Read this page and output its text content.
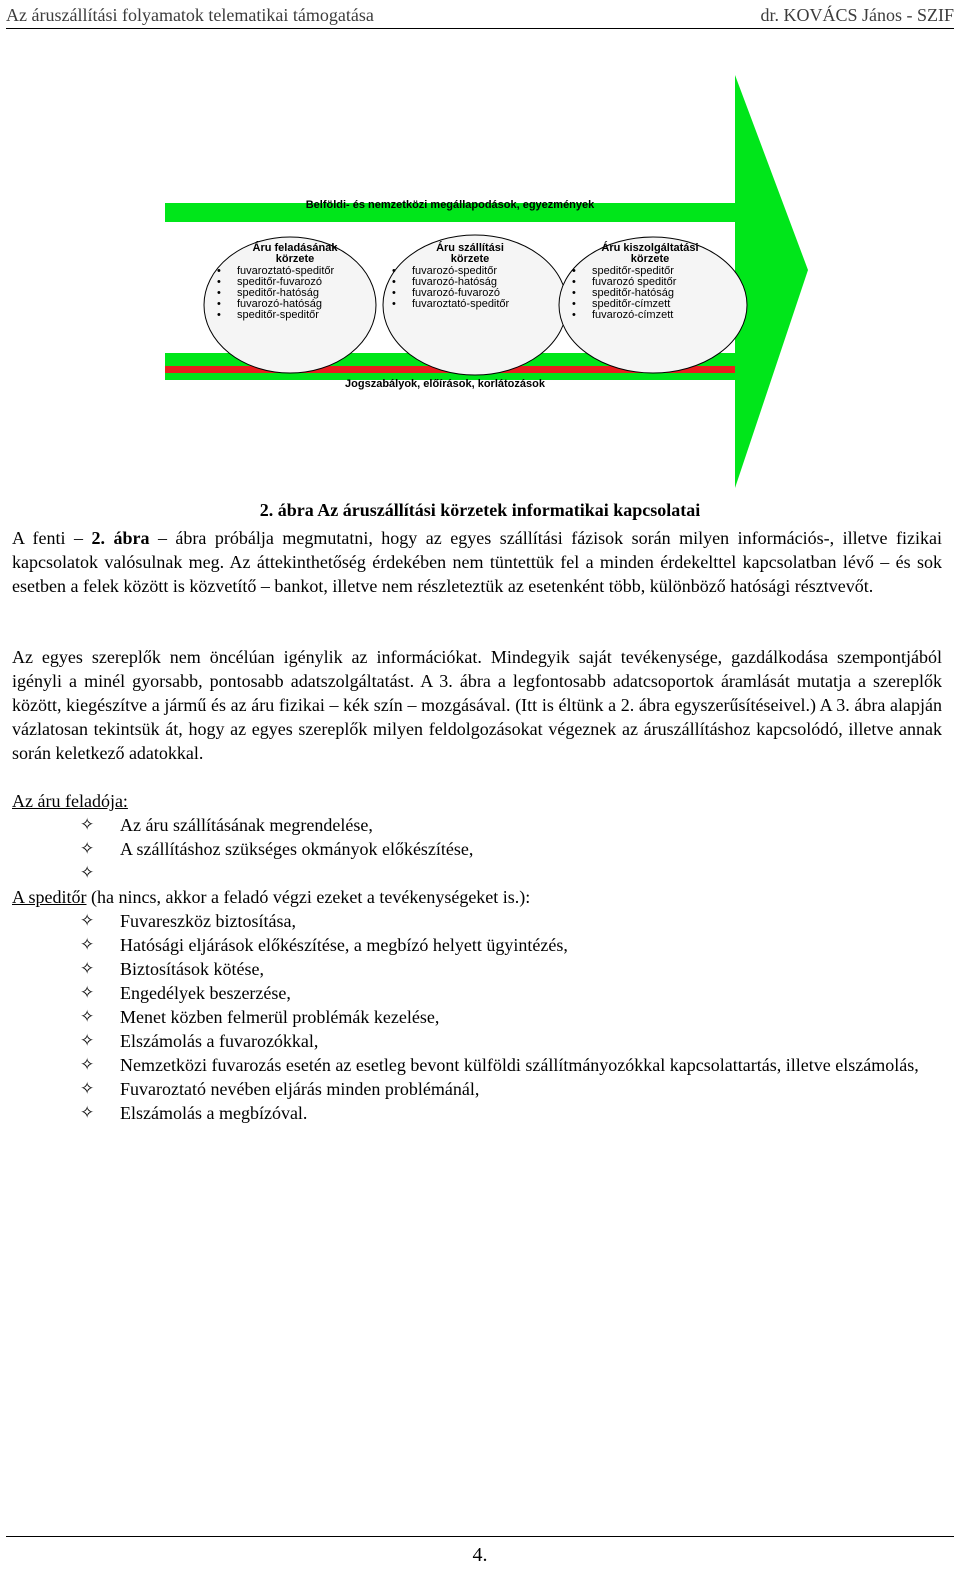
Az áruszállítási folyamatok telematikai támogatása	dr. KOVÁCS János - SZIF
Belföldi- és nemzetközi megállapodások, egyezmények
Jogszabályok, előírások, korlátozások
Áru feladásának
körzete
• fuvaroztató-speditőr
• speditőr-fuvarozó
• speditőr-hatóság
• fuvarozó-hatóság
• speditőr-speditőr
Áru szállítási
körzete
• fuvarozó-speditőr
• fuvarozó-hatóság
• fuvarozó-fuvarozó
• fuvaroztató-speditőr
Áru kiszolgáltatási
körzete
• speditőr-speditőr
• fuvarozó speditőr
• speditőr-hatóság
• speditőr-címzett
• fuvarozó-címzett
2. ábra Az áruszállítási körzetek informatikai kapcsolatai
A fenti – 2. ábra – ábra próbálja megmutatni, hogy az egyes szállítási fázisok során milyen információs-, illetve fizikai kapcsolatok valósulnak meg. Az áttekinthetőség érdekében nem tüntettük fel a minden érdekelttel kapcsolatban lévő – és sok esetben a felek között is közvetítő – bankot, illetve nem részleteztük az esetenként több, különböző hatósági résztvevőt.
Az egyes szereplők nem öncélúan igénylik az információkat. Mindegyik saját tevékenysége, gazdálkodása szempontjából igényli a minél gyorsabb, pontosabb adatszolgáltatást. A 3. ábra a legfontosabb adatcsoportok áramlását mutatja a szereplők között, kiegészítve a jármű és az áru fizikai – kék szín – mozgásával. (Itt is éltünk a 2. ábra egyszerűsítéseivel.) A 3. ábra alapján vázlatosan tekintsük át, hogy az egyes szereplők milyen feldolgozásokat végeznek az áruszállításhoz kapcsolódó, illetve annak során keletkező adatokkal.
Az áru feladója:
✧ Az áru szállításának megrendelése,
✧ A szállításhoz szükséges okmányok előkészítése,
✧

A speditőr (ha nincs, akkor a feladó végzi ezeket a tevékenységeket is.):
✧ Fuvareszköz biztosítása,
✧ Hatósági eljárások előkészítése, a megbízó helyett ügyintézés,
✧ Biztosítások kötése,
✧ Engedélyek beszerzése,
✧ Menet közben felmerül problémák kezelése,
✧ Elszámolás a fuvarozókkal,
✧ Nemzetközi fuvarozás esetén az esetleg bevont külföldi szállítmányozókkal kapcsolattartás, illetve elszámolás,
✧ Fuvaroztató nevében eljárás minden problémánál,
✧ Elszámolás a megbízóval.
4.
